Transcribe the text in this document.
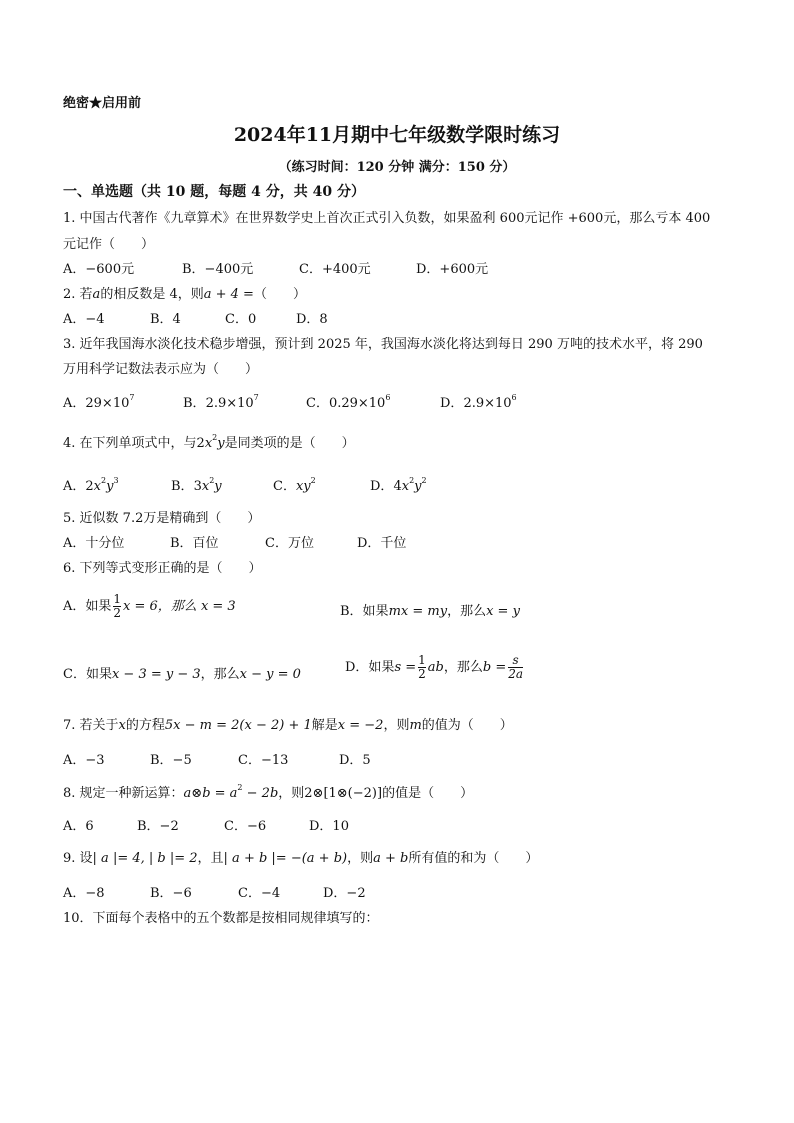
绝密★启用前
2024年11月期中七年级数学限时练习
（练习时间：120 分钟 满分：150 分）
一、单选题（共 10 题，每题 4 分，共 40 分）
1. 中国古代著作《九章算术》在世界数学史上首次正式引入负数，如果盈利 600元记作 +600元，那么亏本 400
元记作（　　）
A．−600元	B．−400元	C．+400元	D．+600元
2. 若a的相反数是 4，则a + 4 =（　　）
A．−4	B．4	C．0	D．8
3. 近年我国海水淡化技术稳步增强，预计到 2025 年，我国海水淡化将达到每日 290 万吨的技术水平，将 290
万用科学记数法表示应为（　　）
A．$29\times 10^7$	B．$2.9\times 10^7$	C．$0.29\times 10^6$	D．$2.9\times 10^6$
4. 在下列单项式中，与$2x^2y$是同类项的是（　　）
A．$2x^2y^3$	B．$3x^2y$	C．$xy^2$	D．$4x^2y^2$
5. 近似数 7.2万是精确到（　　）
A．十分位	B．百位	C．万位	D．千位
6. 下列等式变形正确的是（　　）
A．如果 $\frac{1}{2}$ x = 6，那么 x = 3	B．如果mx = my，那么x = y
C．如果x − 3 = y − 3，那么x − y = 0	D．如果$s = \frac{1}{2}$ ab，那么$b = \frac{s}{2a}$
7. 若关于x的方程5x − m = 2(x − 2) + 1解是x = −2，则m的值为（　　）
A．−3	B．−5	C．−13	D．5
8. 规定一种新运算：a⊗b = $a^2 - 2b$，则2⊗[1⊗(−2)]的值是（　　）
A．6	B．−2	C．−6	D．10
9. 设| a |= 4, | b |= 2，且| a + b |= −(a + b)，则a + b所有值的和为（　　）
A．−8	B．−6	C．−4	D．−2
10．下面每个表格中的五个数都是按相同规律填写的：
